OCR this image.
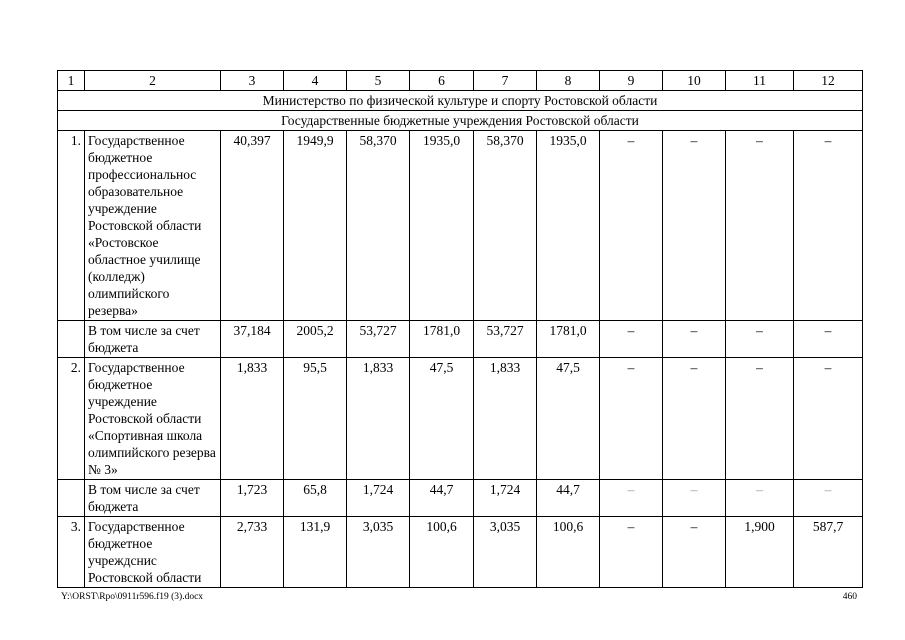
1	2	3	4	5	6	7	8	9	10	11	12
Министерство по физической культуре и спорту Ростовской области											
Государственные бюджетные учреждения Ростовской области											
1.	Государственное бюджетное профессиональнос образовательное учреждение Ростовской области «Ростовское областное училище (колледж) олимпийского резерва»	40,397	1949,9	58,370	1935,0	58,370	1935,0	–	–	–	–
	В том числе за счет бюджета	37,184	2005,2	53,727	1781,0	53,727	1781,0	–	–	–	–
2.	Государственное бюджетное учреждение Ростовской области «Спортивная школа олимпийского резерва № 3»	1,833	95,5	1,833	47,5	1,833	47,5	–	–	–	–
	В том числе за счет бюджета	1,723	65,8	1,724	44,7	1,724	44,7	–	–	–	–
3.	Государственное бюджетное учреждснис Ростовской области	2,733	131,9	3,035	100,6	3,035	100,6	–	–	1,900	587,7
Y:\ORST\Rpo\0911r596.f19 (3).docx	460
